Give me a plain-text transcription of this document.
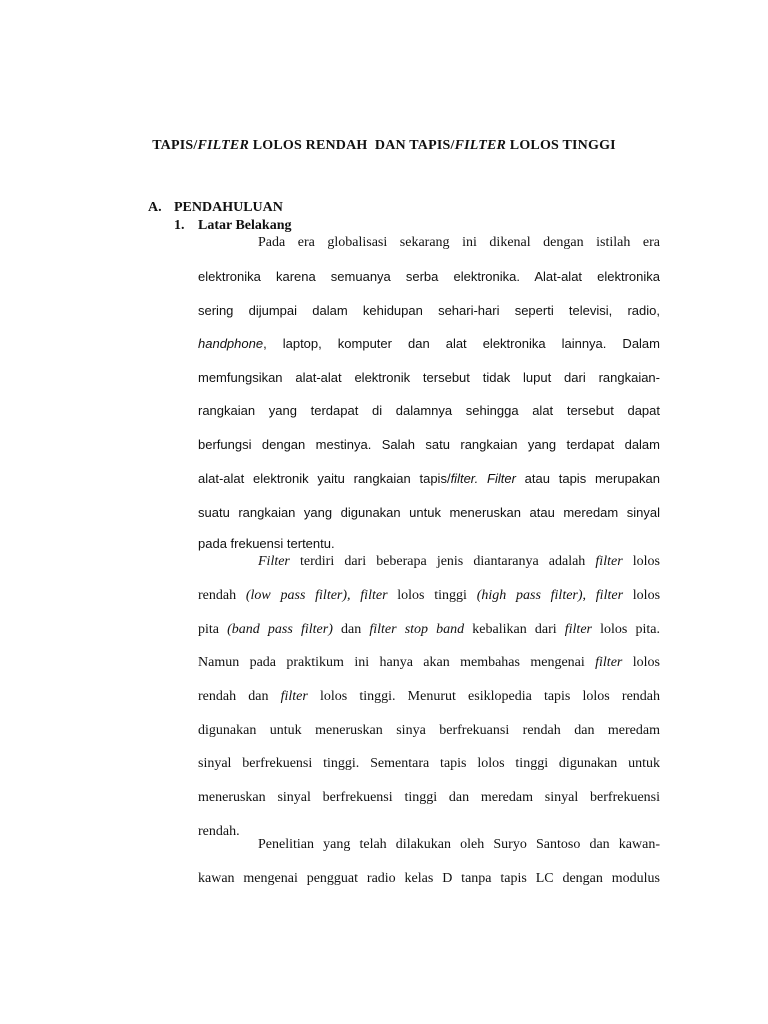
TAPIS/FILTER LOLOS RENDAH  DAN TAPIS/FILTER LOLOS TINGGI
A. PENDAHULUAN
1. Latar Belakang
Pada era globalisasi sekarang ini dikenal dengan istilah era
elektronika karena semuanya serba elektronika. Alat-alat elektronika
sering dijumpai dalam kehidupan sehari-hari seperti televisi, radio,
handphone, laptop, komputer dan alat elektronika lainnya. Dalam
memfungsikan alat-alat elektronik tersebut tidak luput dari rangkaian-
rangkaian yang terdapat di dalamnya sehingga alat tersebut dapat
berfungsi dengan mestinya. Salah satu rangkaian yang terdapat dalam
alat-alat elektronik yaitu rangkaian tapis/filter. Filter atau tapis merupakan
suatu rangkaian yang digunakan untuk meneruskan atau meredam sinyal
pada frekuensi tertentu.
Filter terdiri dari beberapa jenis diantaranya adalah filter lolos
rendah (low pass filter), filter lolos tinggi (high pass filter), filter lolos
pita (band pass filter) dan filter stop band kebalikan dari filter lolos pita.
Namun pada praktikum ini hanya akan membahas mengenai filter lolos
rendah dan filter lolos tinggi. Menurut esiklopedia tapis lolos rendah
digunakan untuk meneruskan sinya berfrekuansi rendah dan meredam
sinyal berfrekuensi tinggi. Sementara tapis lolos tinggi digunakan untuk
meneruskan sinyal berfrekuensi tinggi dan meredam sinyal berfrekuensi
rendah.
Penelitian yang telah dilakukan oleh Suryo Santoso dan kawan-
kawan mengenai pengguat radio kelas D tanpa tapis LC dengan modulus
